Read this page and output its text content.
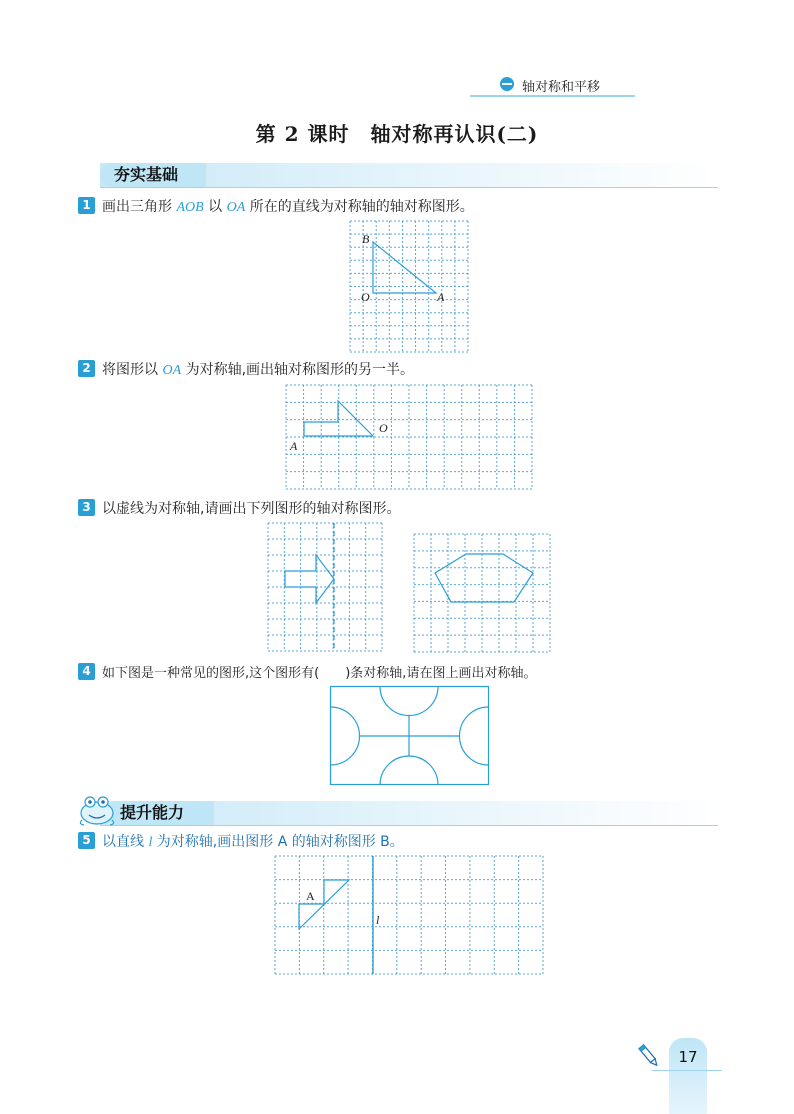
轴对称和平移
第 2 课时　轴对称再认识(二)
夯实基础
1 画出三角形 AOB 以 OA 所在的直线为对称轴的轴对称图形。
B
O	A
2 将图形以 OA 为对称轴,画出轴对称图形的另一半。
A
O
3 以虚线为对称轴,请画出下列图形的轴对称图形。
4 如下图是一种常见的图形,这个图形有(　　 )条对称轴,请在图上画出对称轴。
提升能力
5 以直线 l 为对称轴,画出图形 A 的轴对称图形 B。
A
l
17
